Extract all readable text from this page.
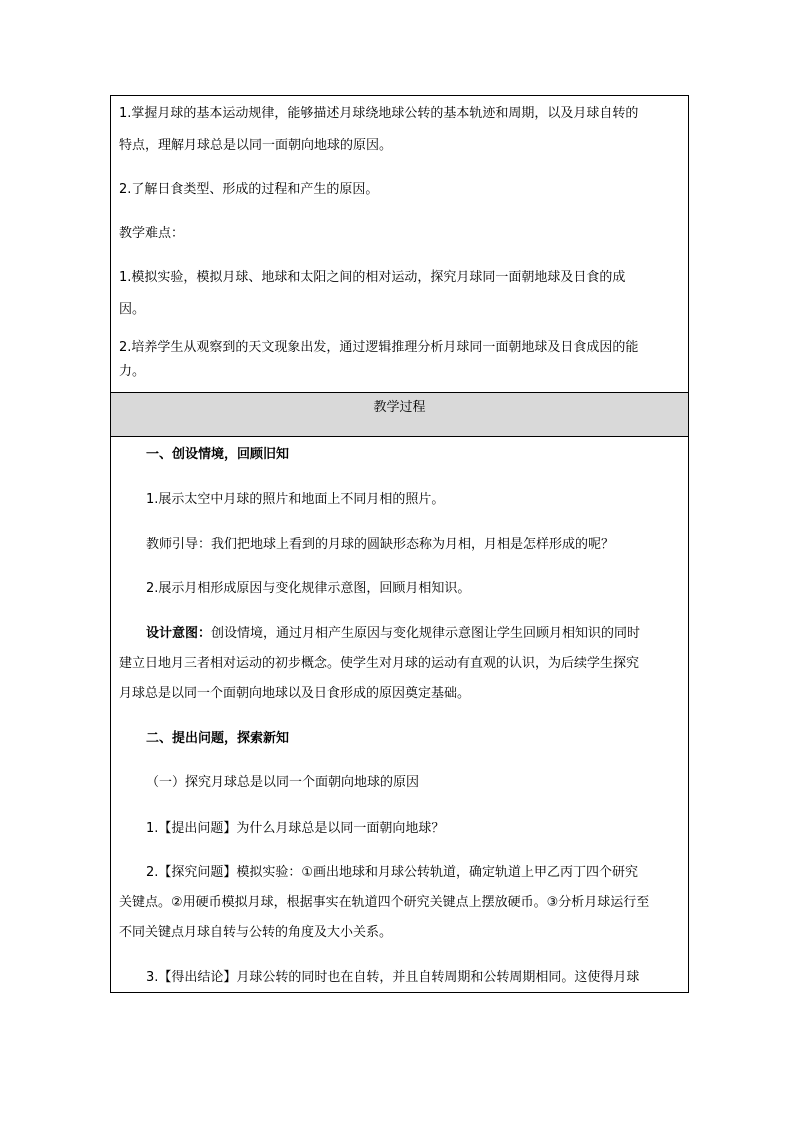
1.掌握月球的基本运动规律，能够描述月球绕地球公转的基本轨迹和周期，以及月球自转的
特点，理解月球总是以同一面朝向地球的原因。
2.了解日食类型、形成的过程和产生的原因。
教学难点：
1.模拟实验，模拟月球、地球和太阳之间的相对运动，探究月球同一面朝地球及日食的成
因。
2.培养学生从观察到的天文现象出发，通过逻辑推理分析月球同一面朝地球及日食成因的能
力。
教学过程
一、创设情境，回顾旧知
1.展示太空中月球的照片和地面上不同月相的照片。
教师引导：我们把地球上看到的月球的圆缺形态称为月相，月相是怎样形成的呢？
2.展示月相形成原因与变化规律示意图，回顾月相知识。
设计意图：创设情境，通过月相产生原因与变化规律示意图让学生回顾月相知识的同时
建立日地月三者相对运动的初步概念。使学生对月球的运动有直观的认识，为后续学生探究
月球总是以同一个面朝向地球以及日食形成的原因奠定基础。
二、提出问题，探索新知
（一）探究月球总是以同一个面朝向地球的原因
1.【提出问题】为什么月球总是以同一面朝向地球？
2.【探究问题】模拟实验：①画出地球和月球公转轨道，确定轨道上甲乙丙丁四个研究
关键点。②用硬币模拟月球，根据事实在轨道四个研究关键点上摆放硬币。③分析月球运行至
不同关键点月球自转与公转的角度及大小关系。
3.【得出结论】月球公转的同时也在自转，并且自转周期和公转周期相同。这使得月球
